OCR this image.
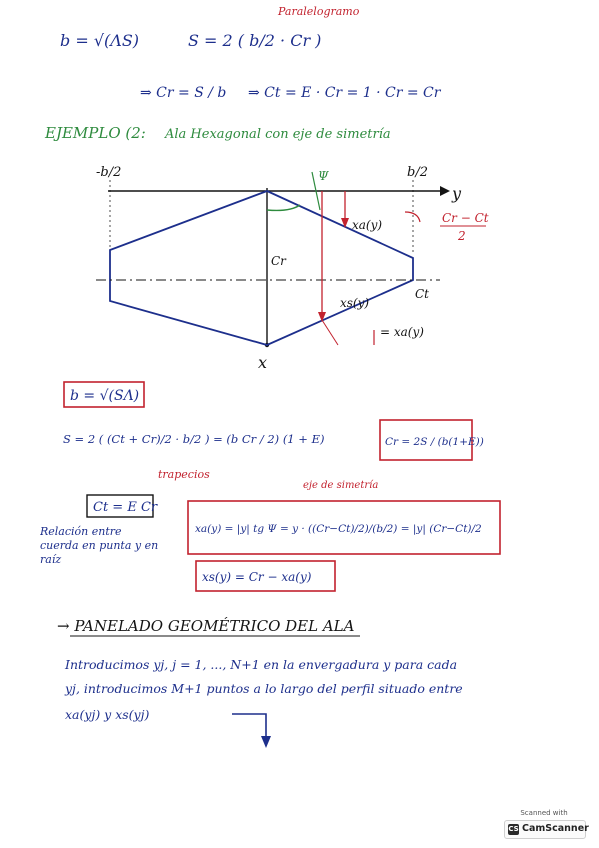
Paralelogramo
b = √(ΛS)	S = 2 ( b/2 · Cr )
⇒ Cr = S / b ⇒ Ct = E · Cr = 1 · Cr = Cr
EJEMPLO (2: Ala Hexagonal con eje de simetría
-b/2	b/2
y
x
Ψ
Cr
Ct
xa(y)
xs(y)
= xa(y)
Cr − Ct
2
b = √(SΛ)
S = 2 ( (Ct + Cr)/2 · b/2 ) = (b Cr / 2) (1 + E)	Cr = 2S / (b(1+E))
trapecios
eje de simetría
Ct = E Cr
Relación entre cuerda en punta y en raíz
xa(y) = |y| tg Ψ = y · ((Cr−Ct)/2)/(b/2) = |y| (Cr−Ct)/2
xs(y) = Cr − xa(y)
→ PANELADO GEOMÉTRICO DEL ALA
Introducimos yj, j = 1, ..., N+1 en la envergadura y para cada
yj, introducimos M+1 puntos a lo largo del perfil situado entre
xa(yj) y xs(yj)
Scanned with
CS CamScanner
